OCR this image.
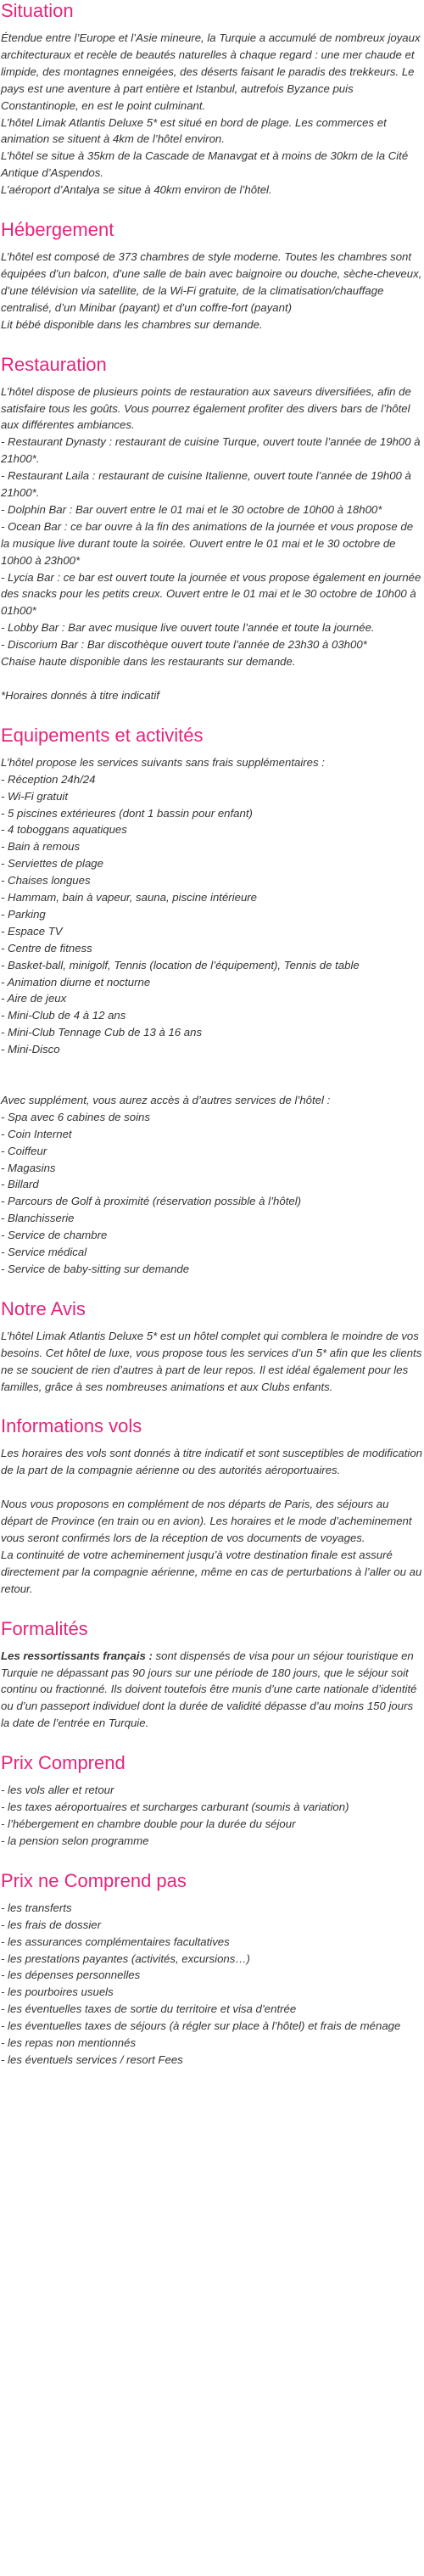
Situation

Étendue entre l’Europe et l’Asie mineure, la Turquie a accumulé de nombreux joyaux architecturaux et recèle de beautés naturelles à chaque regard : une mer chaude et limpide, des montagnes enneigées, des déserts faisant le paradis des trekkeurs. Le pays est une aventure à part entière et Istanbul, autrefois Byzance puis Constantinople, en est le point culminant.

L’hôtel Limak Atlantis Deluxe 5* est situé en bord de plage. Les commerces et animation se situent à 4km de l’hôtel environ.

L’hôtel se situe à 35km de la Cascade de Manavgat et à moins de 30km de la Cité Antique d’Aspendos.

L’aéroport d’Antalya se situe à 40km environ de l’hôtel.

Hébergement

L’hôtel est composé de 373 chambres de style moderne. Toutes les chambres sont équipées d’un balcon, d’une salle de bain avec baignoire ou douche, sèche-cheveux, d’une télévision via satellite, de la Wi-Fi gratuite, de la climatisation/chauffage centralisé, d’un Minibar (payant) et d’un coffre-fort (payant)

Lit bébé disponible dans les chambres sur demande.

Restauration

L’hôtel dispose de plusieurs points de restauration aux saveurs diversifiées, afin de satisfaire tous les goûts. Vous pourrez également profiter des divers bars de l’hôtel aux différentes ambiances.

- Restaurant Dynasty : restaurant de cuisine Turque, ouvert toute l’année de 19h00 à 21h00*.

- Restaurant Laila : restaurant de cuisine Italienne, ouvert toute l’année de 19h00 à 21h00*.

- Dolphin Bar : Bar ouvert entre le 01 mai et le 30 octobre de 10h00 à 18h00*

- Ocean Bar : ce bar ouvre à la fin des animations de la journée et vous propose de la musique live durant toute la soirée. Ouvert entre le 01 mai et le 30 octobre de 10h00 à 23h00*

- Lycia Bar : ce bar est ouvert toute la journée et vous propose également en journée des snacks pour les petits creux. Ouvert entre le 01 mai et le 30 octobre de 10h00 à 01h00*

- Lobby Bar : Bar avec musique live ouvert toute l’année et toute la journée.

- Discorium Bar : Bar discothèque ouvert toute l’année de 23h30 à 03h00*

Chaise haute disponible dans les restaurants sur demande.

*Horaires donnés à titre indicatif

Equipements et activités

L’hôtel propose les services suivants sans frais supplémentaires :

- Réception 24h/24

- Wi-Fi gratuit

- 5 piscines extérieures (dont 1 bassin pour enfant)

- 4 toboggans aquatiques

- Bain à remous

- Serviettes de plage

- Chaises longues

- Hammam, bain à vapeur, sauna, piscine intérieure

- Parking

- Espace TV

- Centre de fitness

- Basket-ball, minigolf, Tennis (location de l’équipement), Tennis de table

- Animation diurne et nocturne

- Aire de jeux

- Mini-Club de 4 à 12 ans

- Mini-Club Tennage Cub de 13 à 16 ans

- Mini-Disco

Avec supplément, vous aurez accès à d’autres services de l’hôtel :

- Spa avec 6 cabines de soins

- Coin Internet

- Coiffeur

- Magasins

- Billard

- Parcours de Golf à proximité (réservation possible à l’hôtel)

- Blanchisserie

- Service de chambre

- Service médical

- Service de baby-sitting sur demande

Notre Avis

L’hôtel Limak Atlantis Deluxe 5* est un hôtel complet qui comblera le moindre de vos besoins. Cet hôtel de luxe, vous propose tous les services d’un 5* afin que les clients ne se soucient de rien d’autres à part de leur repos. Il est idéal également pour les familles, grâce à ses nombreuses animations et aux Clubs enfants.

Informations vols

Les horaires des vols sont donnés à titre indicatif et sont susceptibles de modification de la part de la compagnie aérienne ou des autorités aéroportuaires.

Nous vous proposons en complément de nos départs de Paris, des séjours au départ de Province (en train ou en avion). Les horaires et le mode d’acheminement vous seront confirmés lors de la réception de vos documents de voyages.

La continuité de votre acheminement jusqu’à votre destination finale est assuré directement par la compagnie aérienne, même en cas de perturbations à l’aller ou au retour.

Formalités

Les ressortissants français : sont dispensés de visa pour un séjour touristique en Turquie ne dépassant pas 90 jours sur une période de 180 jours, que le séjour soit continu ou fractionné. Ils doivent toutefois être munis d’une carte nationale d’identité ou d’un passeport individuel dont la durée de validité dépasse d’au moins 150 jours la date de l’entrée en Turquie.

Prix Comprend

- les vols aller et retour

- les taxes aéroportuaires et surcharges carburant (soumis à variation)

- l’hébergement en chambre double pour la durée du séjour

- la pension selon programme

Prix ne Comprend pas

- les transferts

- les frais de dossier

- les assurances complémentaires facultatives

- les prestations payantes (activités, excursions…)

- les dépenses personnelles

- les pourboires usuels

- les éventuelles taxes de sortie du territoire et visa d’entrée

- les éventuelles taxes de séjours (à régler sur place à l’hôtel) et frais de ménage

- les repas non mentionnés

- les éventuels services / resort Fees
